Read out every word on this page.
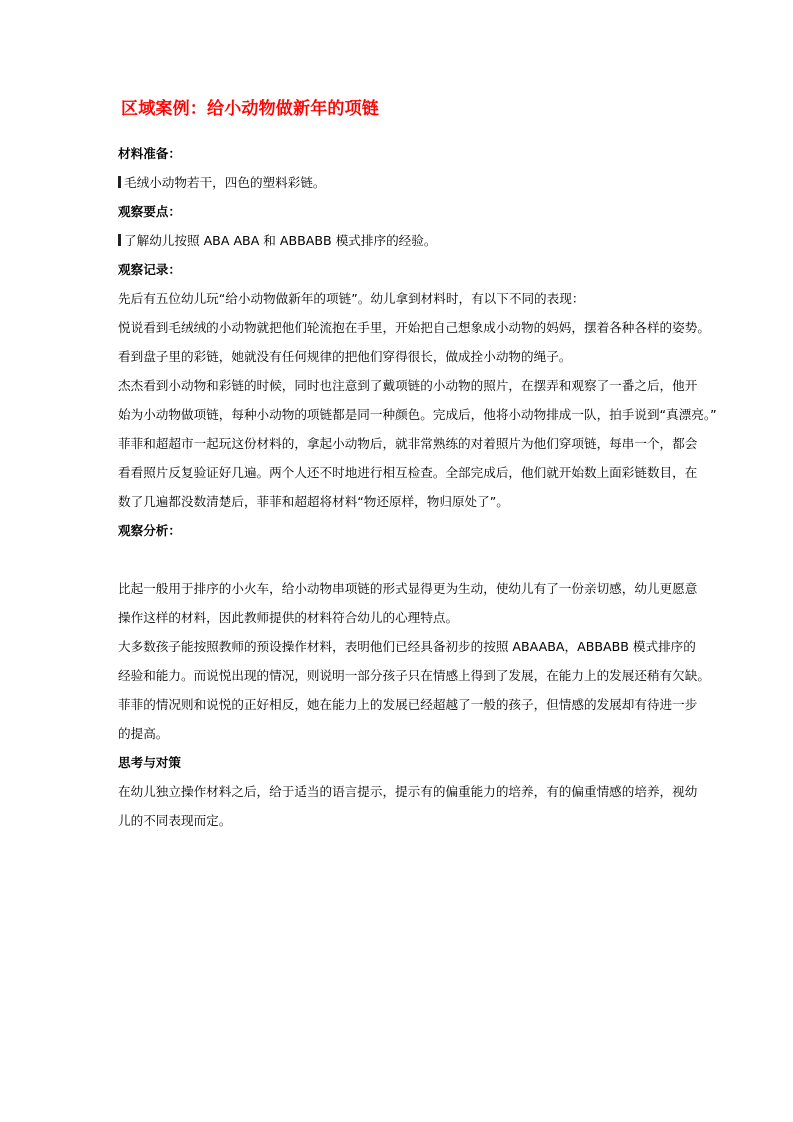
区域案例：给小动物做新年的项链
材料准备：
毛绒小动物若干，四色的塑料彩链。
观察要点：
了解幼儿按照 ABA ABA 和 ABBABB 模式排序的经验。
观察记录：
先后有五位幼儿玩“给小动物做新年的项链”。幼儿拿到材料时，有以下不同的表现：
悦说看到毛绒绒的小动物就把他们轮流抱在手里，开始把自己想象成小动物的妈妈，摆着各种各样的姿势。
看到盘子里的彩链，她就没有任何规律的把他们穿得很长，做成拴小动物的绳子。
杰杰看到小动物和彩链的时候，同时也注意到了戴项链的小动物的照片，在摆弄和观察了一番之后，他开
始为小动物做项链，每种小动物的项链都是同一种颜色。完成后，他将小动物排成一队，拍手说到“真漂亮。”
菲菲和超超市一起玩这份材料的，拿起小动物后，就非常熟练的对着照片为他们穿项链，每串一个，都会
看看照片反复验证好几遍。两个人还不时地进行相互检查。全部完成后，他们就开始数上面彩链数目，在
数了几遍都没数清楚后，菲菲和超超将材料“物还原样，物归原处了”。
观察分析：
比起一般用于排序的小火车，给小动物串项链的形式显得更为生动，使幼儿有了一份亲切感，幼儿更愿意
操作这样的材料，因此教师提供的材料符合幼儿的心理特点。
大多数孩子能按照教师的预设操作材料，表明他们已经具备初步的按照 ABAABA，ABBABB 模式排序的
经验和能力。而说悦出现的情况，则说明一部分孩子只在情感上得到了发展，在能力上的发展还稍有欠缺。
菲菲的情况则和说悦的正好相反，她在能力上的发展已经超越了一般的孩子，但情感的发展却有待进一步
的提高。
思考与对策
在幼儿独立操作材料之后，给于适当的语言提示，提示有的偏重能力的培养，有的偏重情感的培养，视幼
儿的不同表现而定。
